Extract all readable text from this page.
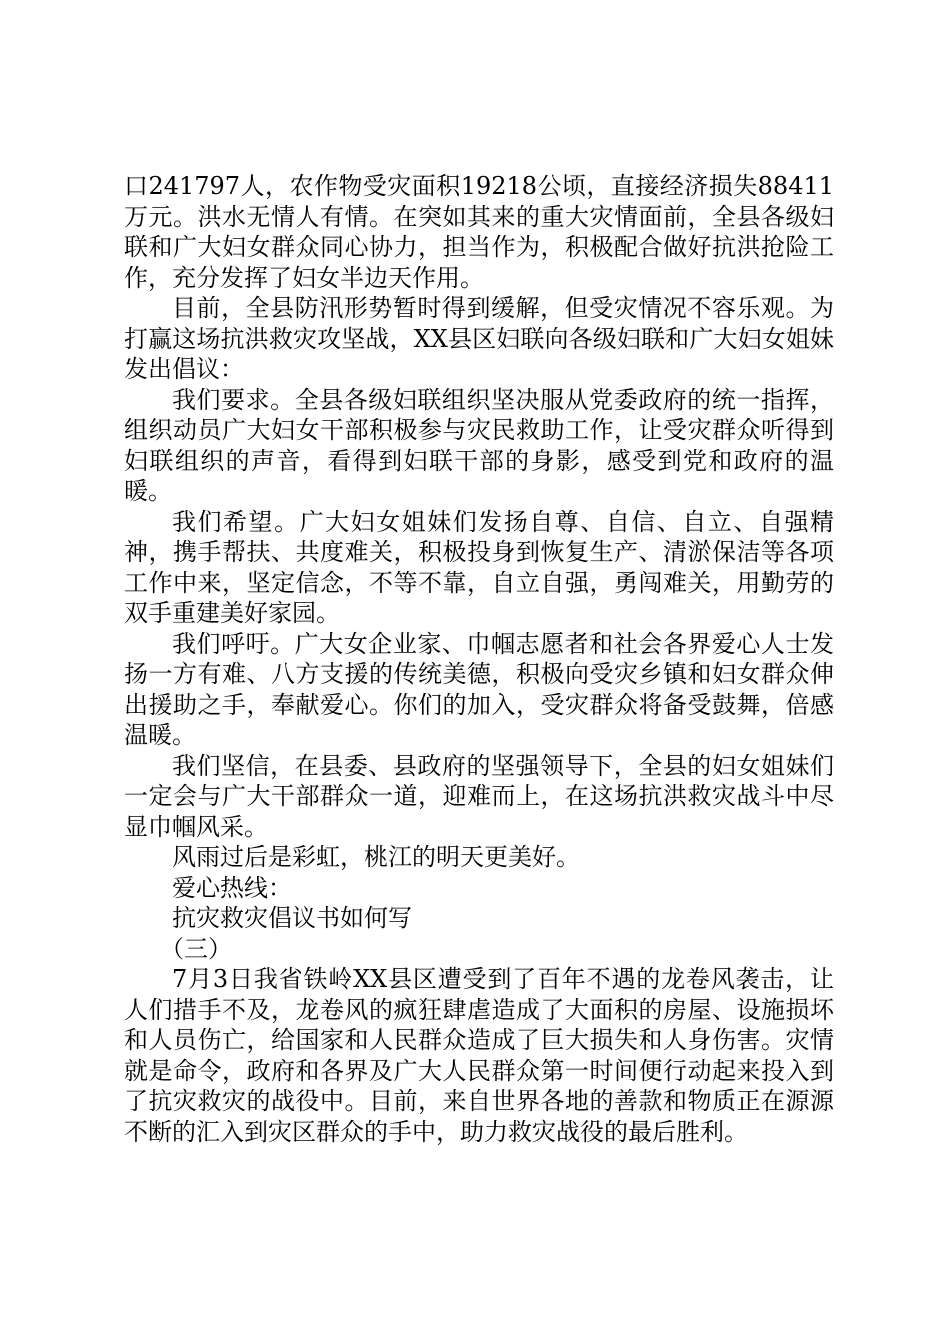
口241797人，农作物受灾面积19218公顷，直接经济损失88411万元。洪水无情人有情。在突如其来的重大灾情面前，全县各级妇联和广大妇女群众同心协力，担当作为，积极配合做好抗洪抢险工作，充分发挥了妇女半边天作用。

目前，全县防汛形势暂时得到缓解，但受灾情况不容乐观。为打赢这场抗洪救灾攻坚战，XX县区妇联向各级妇联和广大妇女姐妹发出倡议：

我们要求。全县各级妇联组织坚决服从党委政府的统一指挥，组织动员广大妇女干部积极参与灾民救助工作，让受灾群众听得到妇联组织的声音，看得到妇联干部的身影，感受到党和政府的温暖。

我们希望。广大妇女姐妹们发扬自尊、自信、自立、自强精神，携手帮扶、共度难关，积极投身到恢复生产、清淤保洁等各项工作中来，坚定信念，不等不靠，自立自强，勇闯难关，用勤劳的双手重建美好家园。

我们呼吁。广大女企业家、巾帼志愿者和社会各界爱心人士发扬一方有难、八方支援的传统美德，积极向受灾乡镇和妇女群众伸出援助之手，奉献爱心。你们的加入，受灾群众将备受鼓舞，倍感温暖。

我们坚信，在县委、县政府的坚强领导下，全县的妇女姐妹们一定会与广大干部群众一道，迎难而上，在这场抗洪救灾战斗中尽显巾帼风采。

风雨过后是彩虹，桃江的明天更美好。

爱心热线：

抗灾救灾倡议书如何写

（三）

7月3日我省铁岭XX县区遭受到了百年不遇的龙卷风袭击，让人们措手不及，龙卷风的疯狂肆虐造成了大面积的房屋、设施损坏和人员伤亡，给国家和人民群众造成了巨大损失和人身伤害。灾情就是命令，政府和各界及广大人民群众第一时间便行动起来投入到了抗灾救灾的战役中。目前，来自世界各地的善款和物质正在源源不断的汇入到灾区群众的手中，助力救灾战役的最后胜利。
